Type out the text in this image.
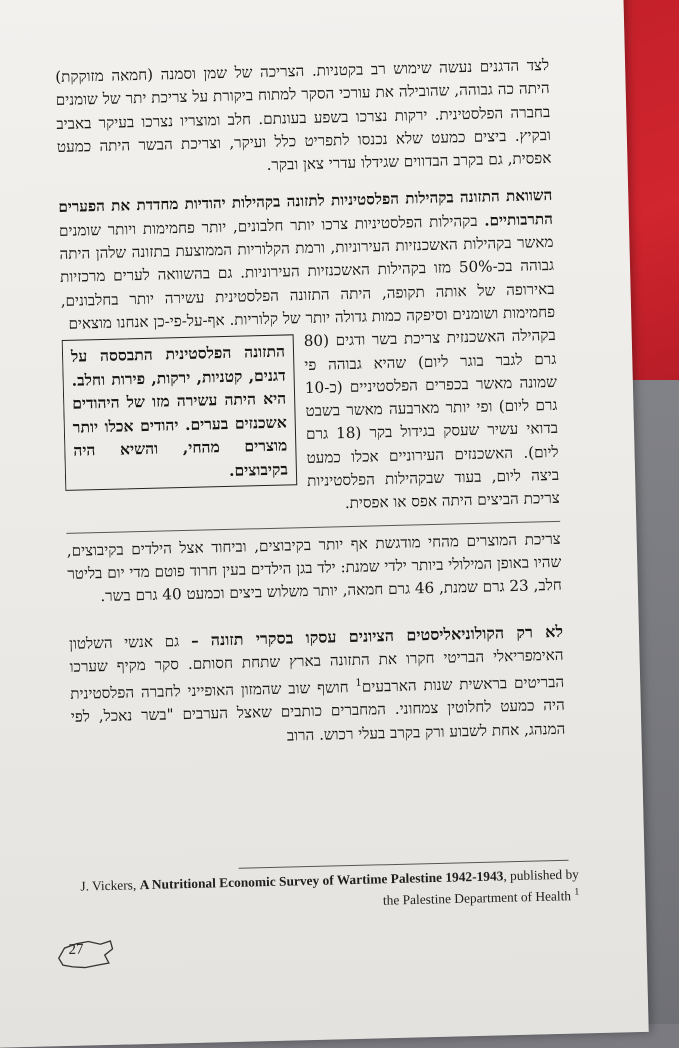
לצד הדגנים נעשה שימוש רב בקטניות. הצריכה של שמן וסמנה (חמאה מזוקקת) היתה כה גבוהה, שהובילה את עורכי הסקר למתוח ביקורת על צריכת יתר של שומנים בחברה הפלסטינית. ירקות נצרכו בשפע בעונתם. חלב ומוצריו נצרכו בעיקר באביב ובקיץ. ביצים כמעט שלא נכנסו לתפריט כלל ועיקר, וצריכת הבשר היתה כמעט אפסית, גם בקרב הבדווים שגידלו עדרי צאן ובקר.

השוואת התזונה בקהילות הפלסטיניות לתזונה בקהילות יהודיות מחדדת את הפערים התרבותיים. בקהילות הפלסטיניות צרכו יותר חלבונים, יותר פחמימות ויותר שומנים מאשר בקהילות האשכנזיות העירוניות, ורמת הקלוריות הממוצעת בתזונה שלהן היתה גבוהה בכ-50% מזו בקהילות האשכנזיות העירוניות. גם בהשוואה לערים מרכזיות באירופה של אותה תקופה, היתה התזונה הפלסטינית עשירה יותר בחלבונים, פחמימות ושומנים וסיפקה כמות גדולה יותר של קלוריות. אף-על-פי-כן אנחנו מוצאים

התזונה הפלסטינית התבססה על דגנים, קטניות, ירקות, פירות וחלב. היא היתה עשירה מזו של היהודים אשכנזים בערים. יהודים אכלו יותר מוצרים מהחי, והשיא היה בקיבוצים.

בקהילה האשכנזית צריכת בשר ודגים (80 גרם לגבר בוגר ליום) שהיא גבוהה פי שמונה מאשר בכפרים הפלסטיניים (כ-10 גרם ליום) ופי יותר מארבעה מאשר בשבט בדואי עשיר שעסק בגידול בקר (18 גרם ליום). האשכנזים העירוניים אכלו כמעט ביצה ליום, בעוד שבקהילות הפלסטיניות צריכת הביצים היתה אפס או אפסית.

צריכת המוצרים מהחי מודגשת אף יותר בקיבוצים, וביחוד אצל הילדים בקיבוצים, שהיו באופן המילולי ביותר ילדי שמנת: ילד בגן הילדים בעין חרוד פוטם מדי יום בליטר חלב, 23 גרם שמנת, 46 גרם חמאה, יותר משלוש ביצים וכמעט 40 גרם בשר.

לא רק הקולוניאליסטים הציונים עסקו בסקרי תזונה – גם אנשי השלטון האימפריאלי הבריטי חקרו את התזונה בארץ שתחת חסותם. סקר מקיף שערכו הבריטים בראשית שנות הארבעים$^1$ חושף שוב שהמזון האופייני לחברה הפלסטינית היה כמעט לחלוטין צמחוני. המחברים כותבים שאצל הערבים "בשר נאכל, לפי המנהג, אחת לשבוע ורק בקרב בעלי רכוש. הרוב

J. Vickers, A Nutritional Economic Survey of Wartime Palestine 1942-1943, published by the Palestine Department of Health $^1$
27
